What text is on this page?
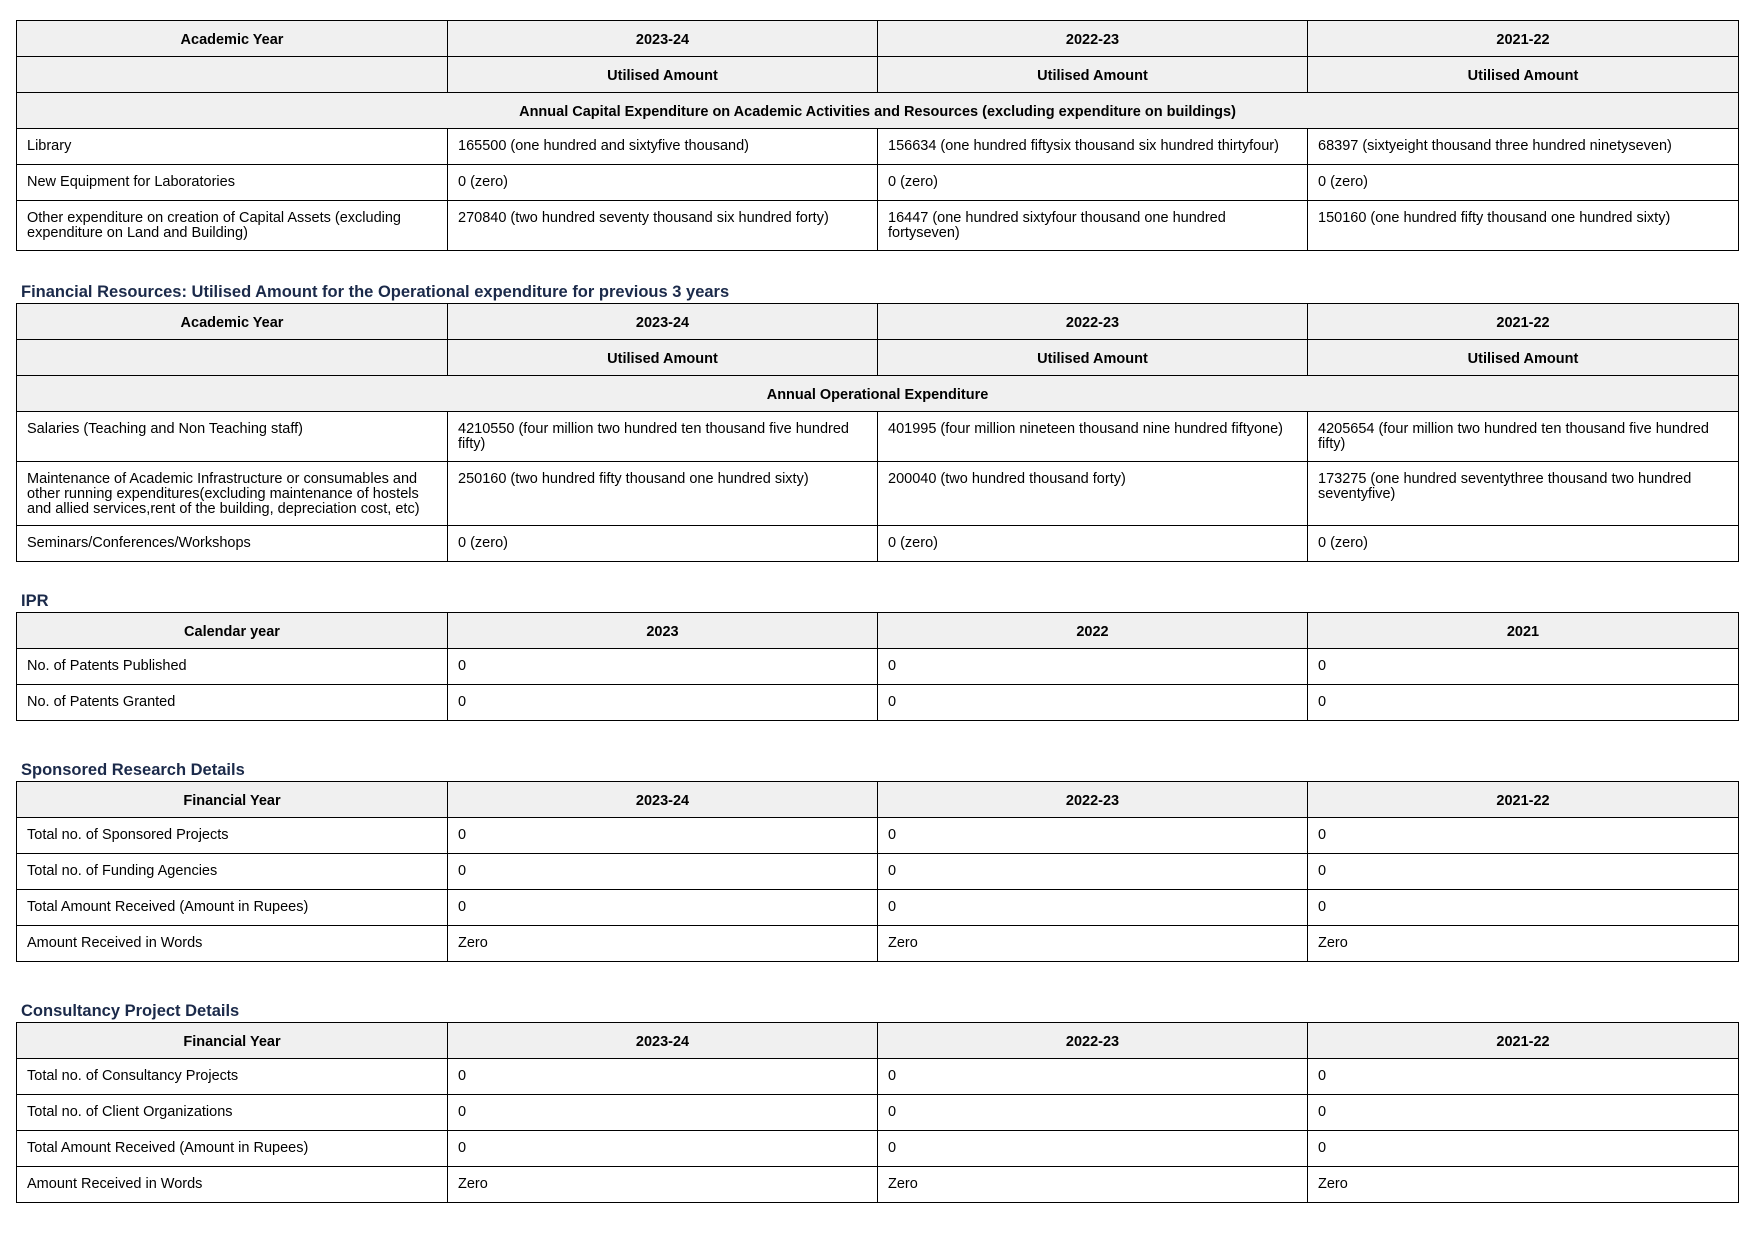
Academic Year	2023-24	2022-23	2021-22
	Utilised Amount	Utilised Amount	Utilised Amount
Annual Capital Expenditure on Academic Activities and Resources (excluding expenditure on buildings)			
Library	165500 (one hundred and sixtyfive thousand)	156634 (one hundred fiftysix thousand six hundred thirtyfour)	68397 (sixtyeight thousand three hundred ninetyseven)
New Equipment for Laboratories	0 (zero)	0 (zero)	0 (zero)
Other expenditure on creation of Capital Assets (excluding expenditure on Land and Building)	270840 (two hundred seventy thousand six hundred forty)	16447 (one hundred sixtyfour thousand one hundred fortyseven)	150160 (one hundred fifty thousand one hundred sixty)
Financial Resources: Utilised Amount for the Operational expenditure for previous 3 years
Academic Year	2023-24	2022-23	2021-22
	Utilised Amount	Utilised Amount	Utilised Amount
Annual Operational Expenditure			
Salaries (Teaching and Non Teaching staff)	4210550 (four million two hundred ten thousand five hundred fifty)	401995 (four million nineteen thousand nine hundred fiftyone)	4205654 (four million two hundred ten thousand five hundred fifty)
Maintenance of Academic Infrastructure or consumables and other running expenditures(excluding maintenance of hostels and allied services,rent of the building, depreciation cost, etc)	250160 (two hundred fifty thousand one hundred sixty)	200040 (two hundred thousand forty)	173275 (one hundred seventythree thousand two hundred seventyfive)
Seminars/Conferences/Workshops	0 (zero)	0 (zero)	0 (zero)
IPR
Calendar year	2023	2022	2021
No. of Patents Published	0	0	0
No. of Patents Granted	0	0	0
Sponsored Research Details
Financial Year	2023-24	2022-23	2021-22
Total no. of Sponsored Projects	0	0	0
Total no. of Funding Agencies	0	0	0
Total Amount Received (Amount in Rupees)	0	0	0
Amount Received in Words	Zero	Zero	Zero
Consultancy Project Details
Financial Year	2023-24	2022-23	2021-22
Total no. of Consultancy Projects	0	0	0
Total no. of Client Organizations	0	0	0
Total Amount Received (Amount in Rupees)	0	0	0
Amount Received in Words	Zero	Zero	Zero
